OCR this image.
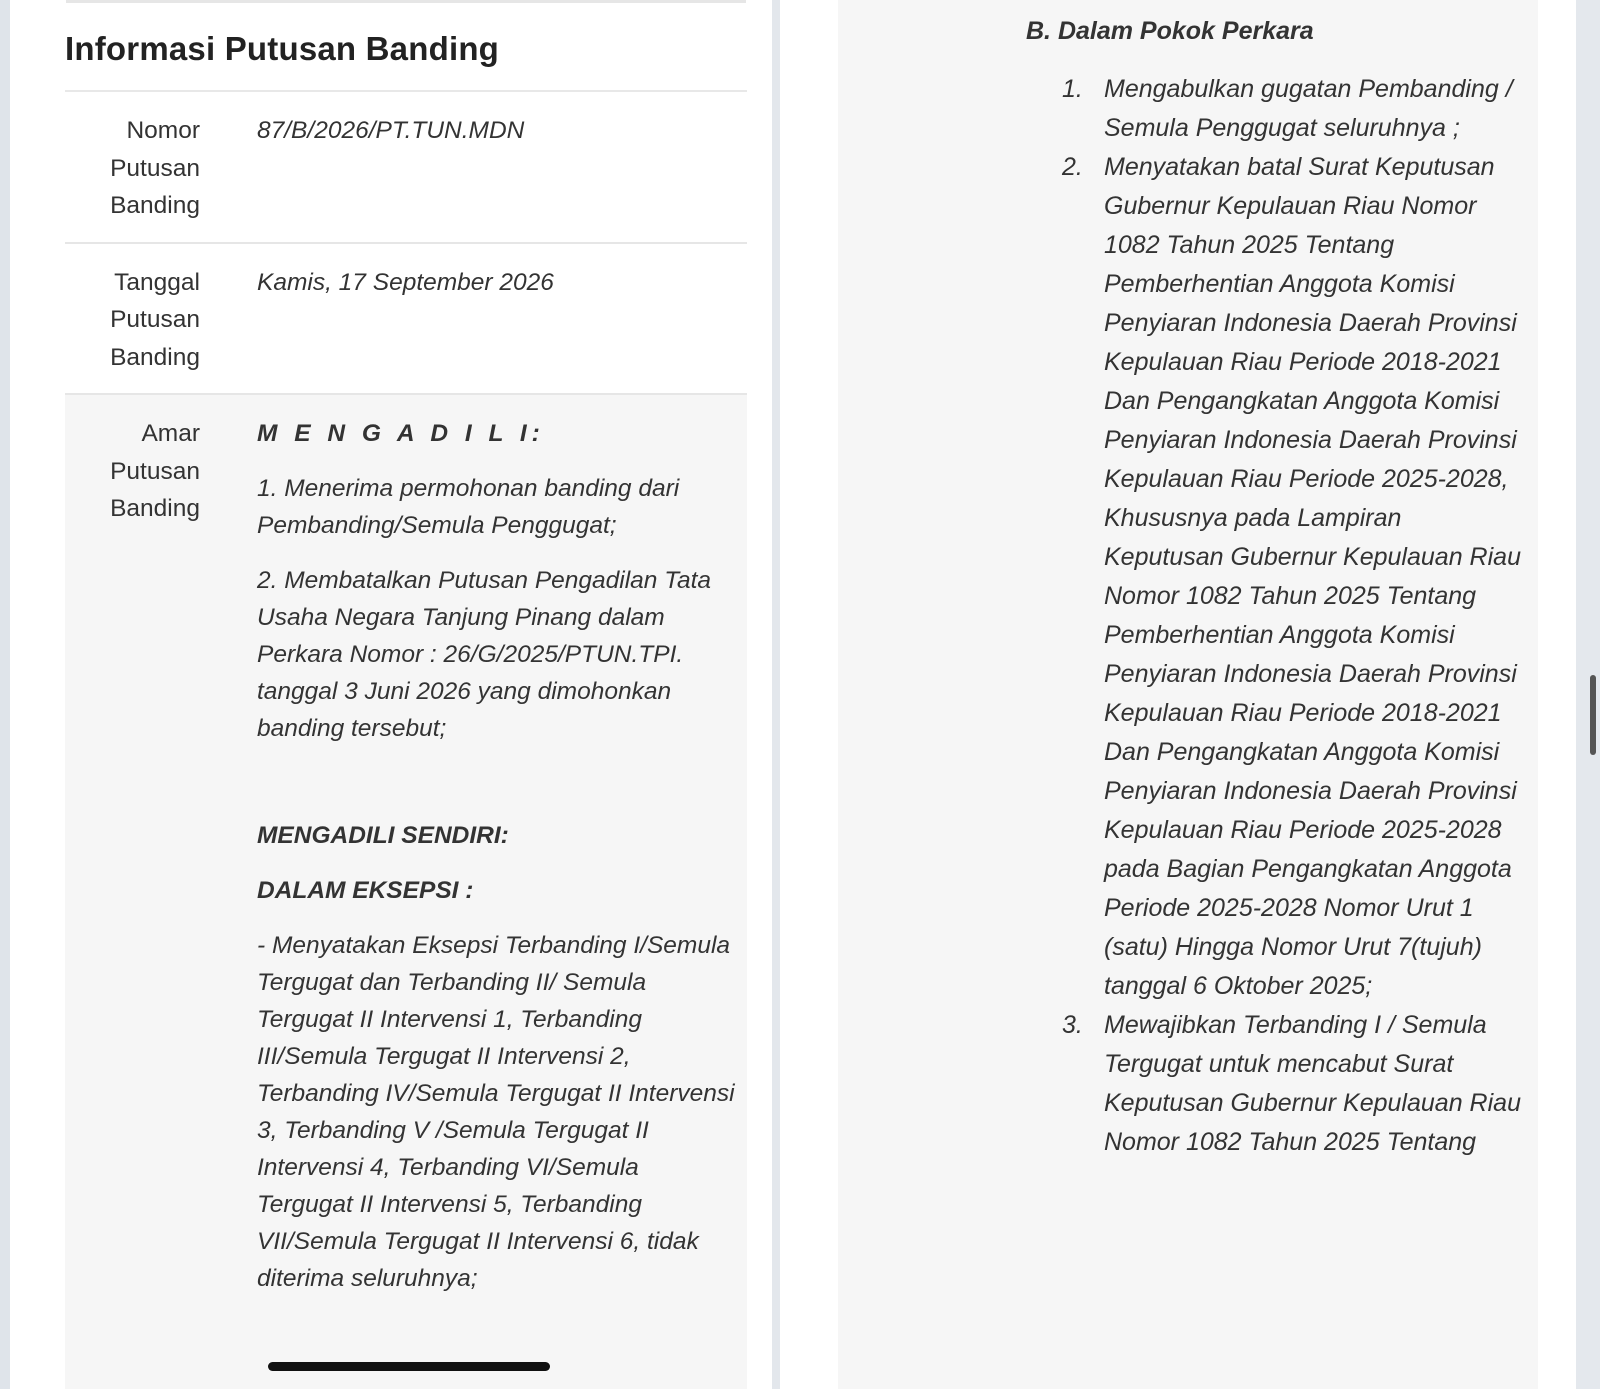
Informasi Putusan Banding
Nomor Putusan Banding
87/B/2026/PT.TUN.MDN
Tanggal Putusan Banding
Kamis, 17 September 2026
Amar Putusan Banding

M E N G A D I L I:

1. Menerima permohonan banding dari Pembanding/Semula Penggugat;

2. Membatalkan Putusan Pengadilan Tata Usaha Negara Tanjung Pinang dalam Perkara Nomor : 26/G/2025/PTUN.TPI. tanggal 3 Juni 2026 yang dimohonkan banding tersebut;

MENGADILI SENDIRI:

DALAM EKSEPSI :

- Menyatakan Eksepsi Terbanding I/Semula Tergugat dan Terbanding II/ Semula Tergugat II Intervensi 1, Terbanding III/Semula Tergugat II Intervensi 2, Terbanding IV/Semula Tergugat II Intervensi 3, Terbanding V /Semula Tergugat II Intervensi 4, Terbanding VI/Semula Tergugat II Intervensi 5, Terbanding VII/Semula Tergugat II Intervensi 6, tidak diterima seluruhnya;

B. Dalam Pokok Perkara
1. Mengabulkan gugatan Pembanding / Semula Penggugat seluruhnya ;
2. Menyatakan batal Surat Keputusan Gubernur Kepulauan Riau Nomor 1082 Tahun 2025 Tentang Pemberhentian Anggota Komisi Penyiaran Indonesia Daerah Provinsi Kepulauan Riau Periode 2018-2021 Dan Pengangkatan Anggota Komisi Penyiaran Indonesia Daerah Provinsi Kepulauan Riau Periode 2025-2028, Khususnya pada Lampiran Keputusan Gubernur Kepulauan Riau Nomor 1082 Tahun 2025 Tentang Pemberhentian Anggota Komisi Penyiaran Indonesia Daerah Provinsi Kepulauan Riau Periode 2018-2021 Dan Pengangkatan Anggota Komisi Penyiaran Indonesia Daerah Provinsi Kepulauan Riau Periode 2025-2028 pada Bagian Pengangkatan Anggota Periode 2025-2028 Nomor Urut 1 (satu) Hingga Nomor Urut 7(tujuh) tanggal 6 Oktober 2025;
3. Mewajibkan Terbanding I / Semula Tergugat untuk mencabut Surat Keputusan Gubernur Kepulauan Riau Nomor 1082 Tahun 2025 Tentang
